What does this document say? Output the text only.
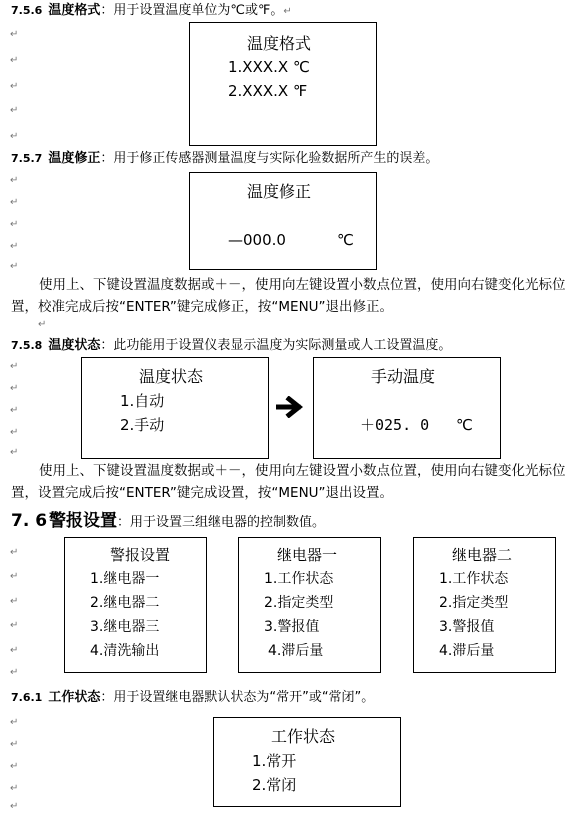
7.5.6 温度格式：用于设置温度单位为℃或℉。↵
↵
↵
↵
↵
↵
温度格式
1.XXX.X ℃
2.XXX.X ℉
7.5.7 温度修正：用于修正传感器测量温度与实际化验数据所产生的误差。
↵
↵
↵
↵
↵
温度修正
—000.0	℃
使用上、下键设置温度数据或＋－，使用向左键设置小数点位置，使用向右键变化光标位置，校准完成后按“ENTER”键完成修正，按“MENU”退出修正。
↵
7.5.8 温度状态：此功能用于设置仪表显示温度为实际测量或人工设置温度。
↵
↵
↵
↵
↵
温度状态
1.自动
2.手动
手动温度
＋025. 0 ℃
使用上、下键设置温度数据或＋－，使用向左键设置小数点位置，使用向右键变化光标位置，设置完成后按“ENTER”键完成设置，按“MENU”退出设置。
7. 6 警报设置：用于设置三组继电器的控制数值。
↵
↵
↵
↵
↵
↵
警报设置
1.继电器一
2.继电器二
3.继电器三
4.清洗输出
继电器一
1.工作状态
2.指定类型
3.警报值
4.滞后量
继电器二
1.工作状态
2.指定类型
3.警报值
4.滞后量
7.6.1 工作状态：用于设置继电器默认状态为“常开”或“常闭”。
↵
↵
↵
↵
↵
工作状态
1.常开
2.常闭
